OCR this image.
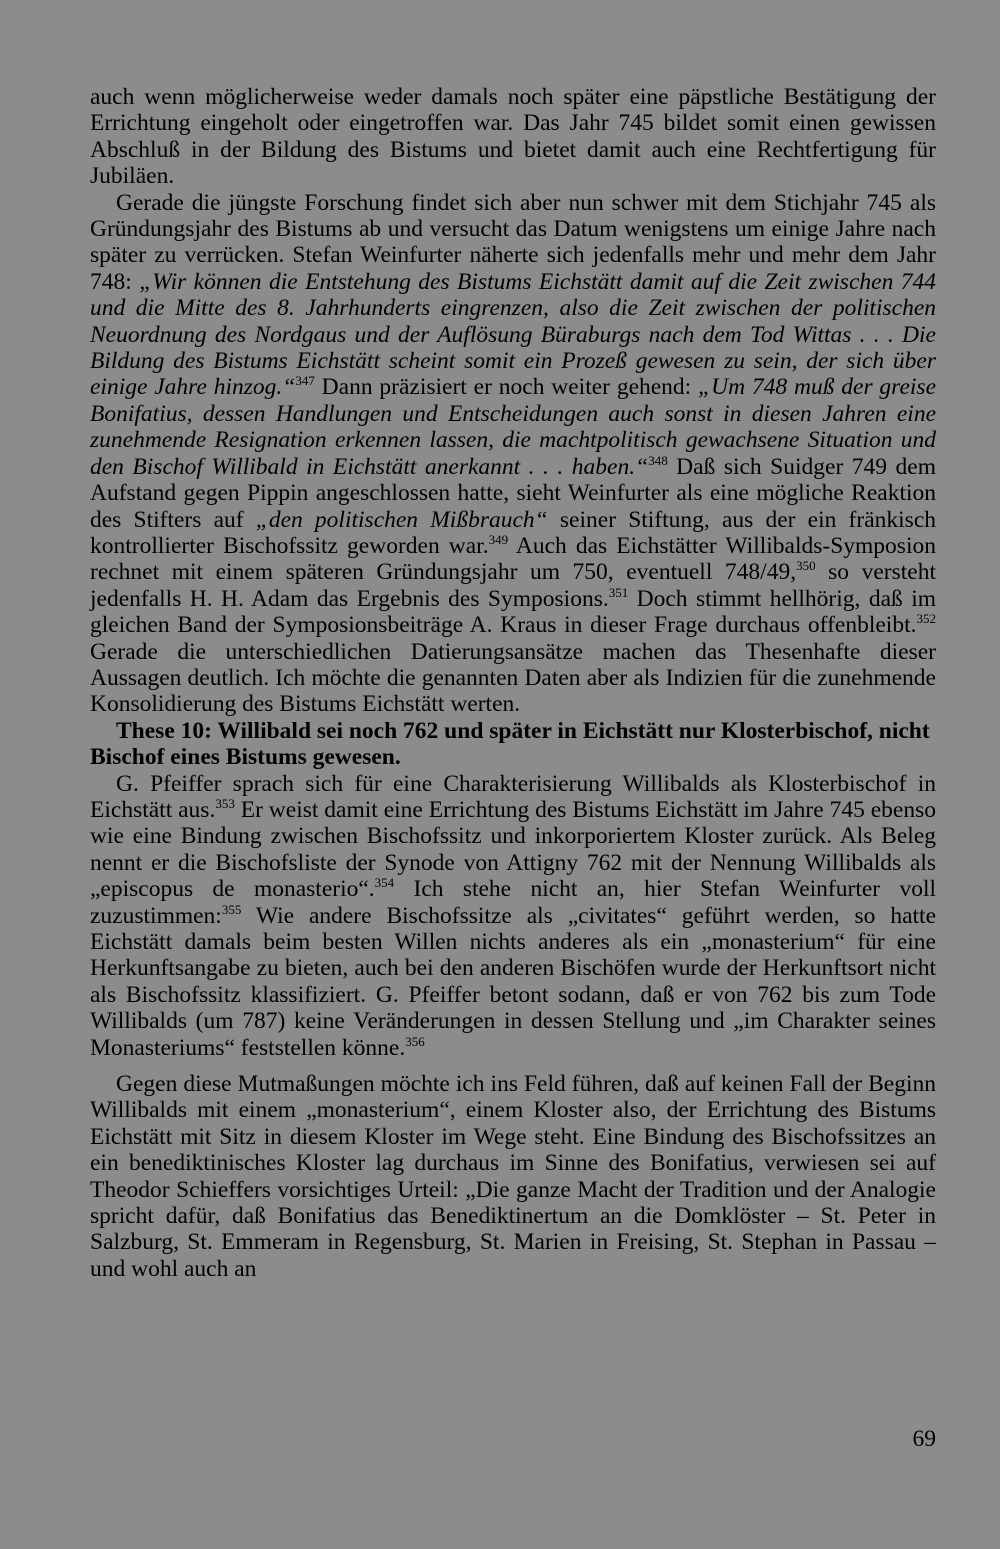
auch wenn möglicherweise weder damals noch später eine päpstliche Bestätigung der Errichtung eingeholt oder eingetroffen war. Das Jahr 745 bildet somit einen gewissen Abschluß in der Bildung des Bistums und bietet damit auch eine Rechtfertigung für Jubiläen.

Gerade die jüngste Forschung findet sich aber nun schwer mit dem Stichjahr 745 als Gründungsjahr des Bistums ab und versucht das Datum wenigstens um einige Jahre nach später zu verrücken. Stefan Weinfurter näherte sich jedenfalls mehr und mehr dem Jahr 748: „Wir können die Entstehung des Bistums Eichstätt damit auf die Zeit zwischen 744 und die Mitte des 8. Jahrhunderts eingrenzen, also die Zeit zwischen der politischen Neuordnung des Nordgaus und der Auflösung Büraburgs nach dem Tod Wittas . . . Die Bildung des Bistums Eichstätt scheint somit ein Prozeß gewesen zu sein, der sich über einige Jahre hinzog.“$^{347}$ Dann präzisiert er noch weiter gehend: „Um 748 muß der greise Bonifatius, dessen Handlungen und Entscheidungen auch sonst in diesen Jahren eine zunehmende Resignation erkennen lassen, die machtpolitisch gewachsene Situation und den Bischof Willibald in Eichstätt anerkannt . . . haben.“$^{348}$ Daß sich Suidger 749 dem Aufstand gegen Pippin angeschlossen hatte, sieht Weinfurter als eine mögliche Reaktion des Stifters auf „den politischen Mißbrauch“ seiner Stiftung, aus der ein fränkisch kontrollierter Bischofssitz geworden war.$^{349}$ Auch das Eichstätter Willibalds-Symposion rechnet mit einem späteren Gründungsjahr um 750, eventuell 748/49,$^{350}$ so versteht jedenfalls H. H. Adam das Ergebnis des Symposions.$^{351}$ Doch stimmt hellhörig, daß im gleichen Band der Symposionsbeiträge A. Kraus in dieser Frage durchaus offenbleibt.$^{352}$ Gerade die unterschiedlichen Datierungsansätze machen das Thesenhafte dieser Aussagen deutlich. Ich möchte die genannten Daten aber als Indizien für die zunehmende Konsolidierung des Bistums Eichstätt werten.

These 10: Willibald sei noch 762 und später in Eichstätt nur Klosterbischof, nicht Bischof eines Bistums gewesen.

G. Pfeiffer sprach sich für eine Charakterisierung Willibalds als Klosterbischof in Eichstätt aus.$^{353}$ Er weist damit eine Errichtung des Bistums Eichstätt im Jahre 745 ebenso wie eine Bindung zwischen Bischofssitz und inkorporiertem Kloster zurück. Als Beleg nennt er die Bischofsliste der Synode von Attigny 762 mit der Nennung Willibalds als „episcopus de monasterio“.$^{354}$ Ich stehe nicht an, hier Stefan Weinfurter voll zuzustimmen:$^{355}$ Wie andere Bischofssitze als „civitates“ geführt werden, so hatte Eichstätt damals beim besten Willen nichts anderes als ein „monasterium“ für eine Herkunftsangabe zu bieten, auch bei den anderen Bischöfen wurde der Herkunftsort nicht als Bischofssitz klassifiziert. G. Pfeiffer betont sodann, daß er von 762 bis zum Tode Willibalds (um 787) keine Veränderungen in dessen Stellung und „im Charakter seines Monasteriums“ feststellen könne.$^{356}$

Gegen diese Mutmaßungen möchte ich ins Feld führen, daß auf keinen Fall der Beginn Willibalds mit einem „monasterium“, einem Kloster also, der Errichtung des Bistums Eichstätt mit Sitz in diesem Kloster im Wege steht. Eine Bindung des Bischofssitzes an ein benediktinisches Kloster lag durchaus im Sinne des Bonifatius, verwiesen sei auf Theodor Schieffers vorsichtiges Urteil: „Die ganze Macht der Tradition und der Analogie spricht dafür, daß Bonifatius das Benediktinertum an die Domklöster – St. Peter in Salzburg, St. Emmeram in Regensburg, St. Marien in Freising, St. Stephan in Passau – und wohl auch an

69
